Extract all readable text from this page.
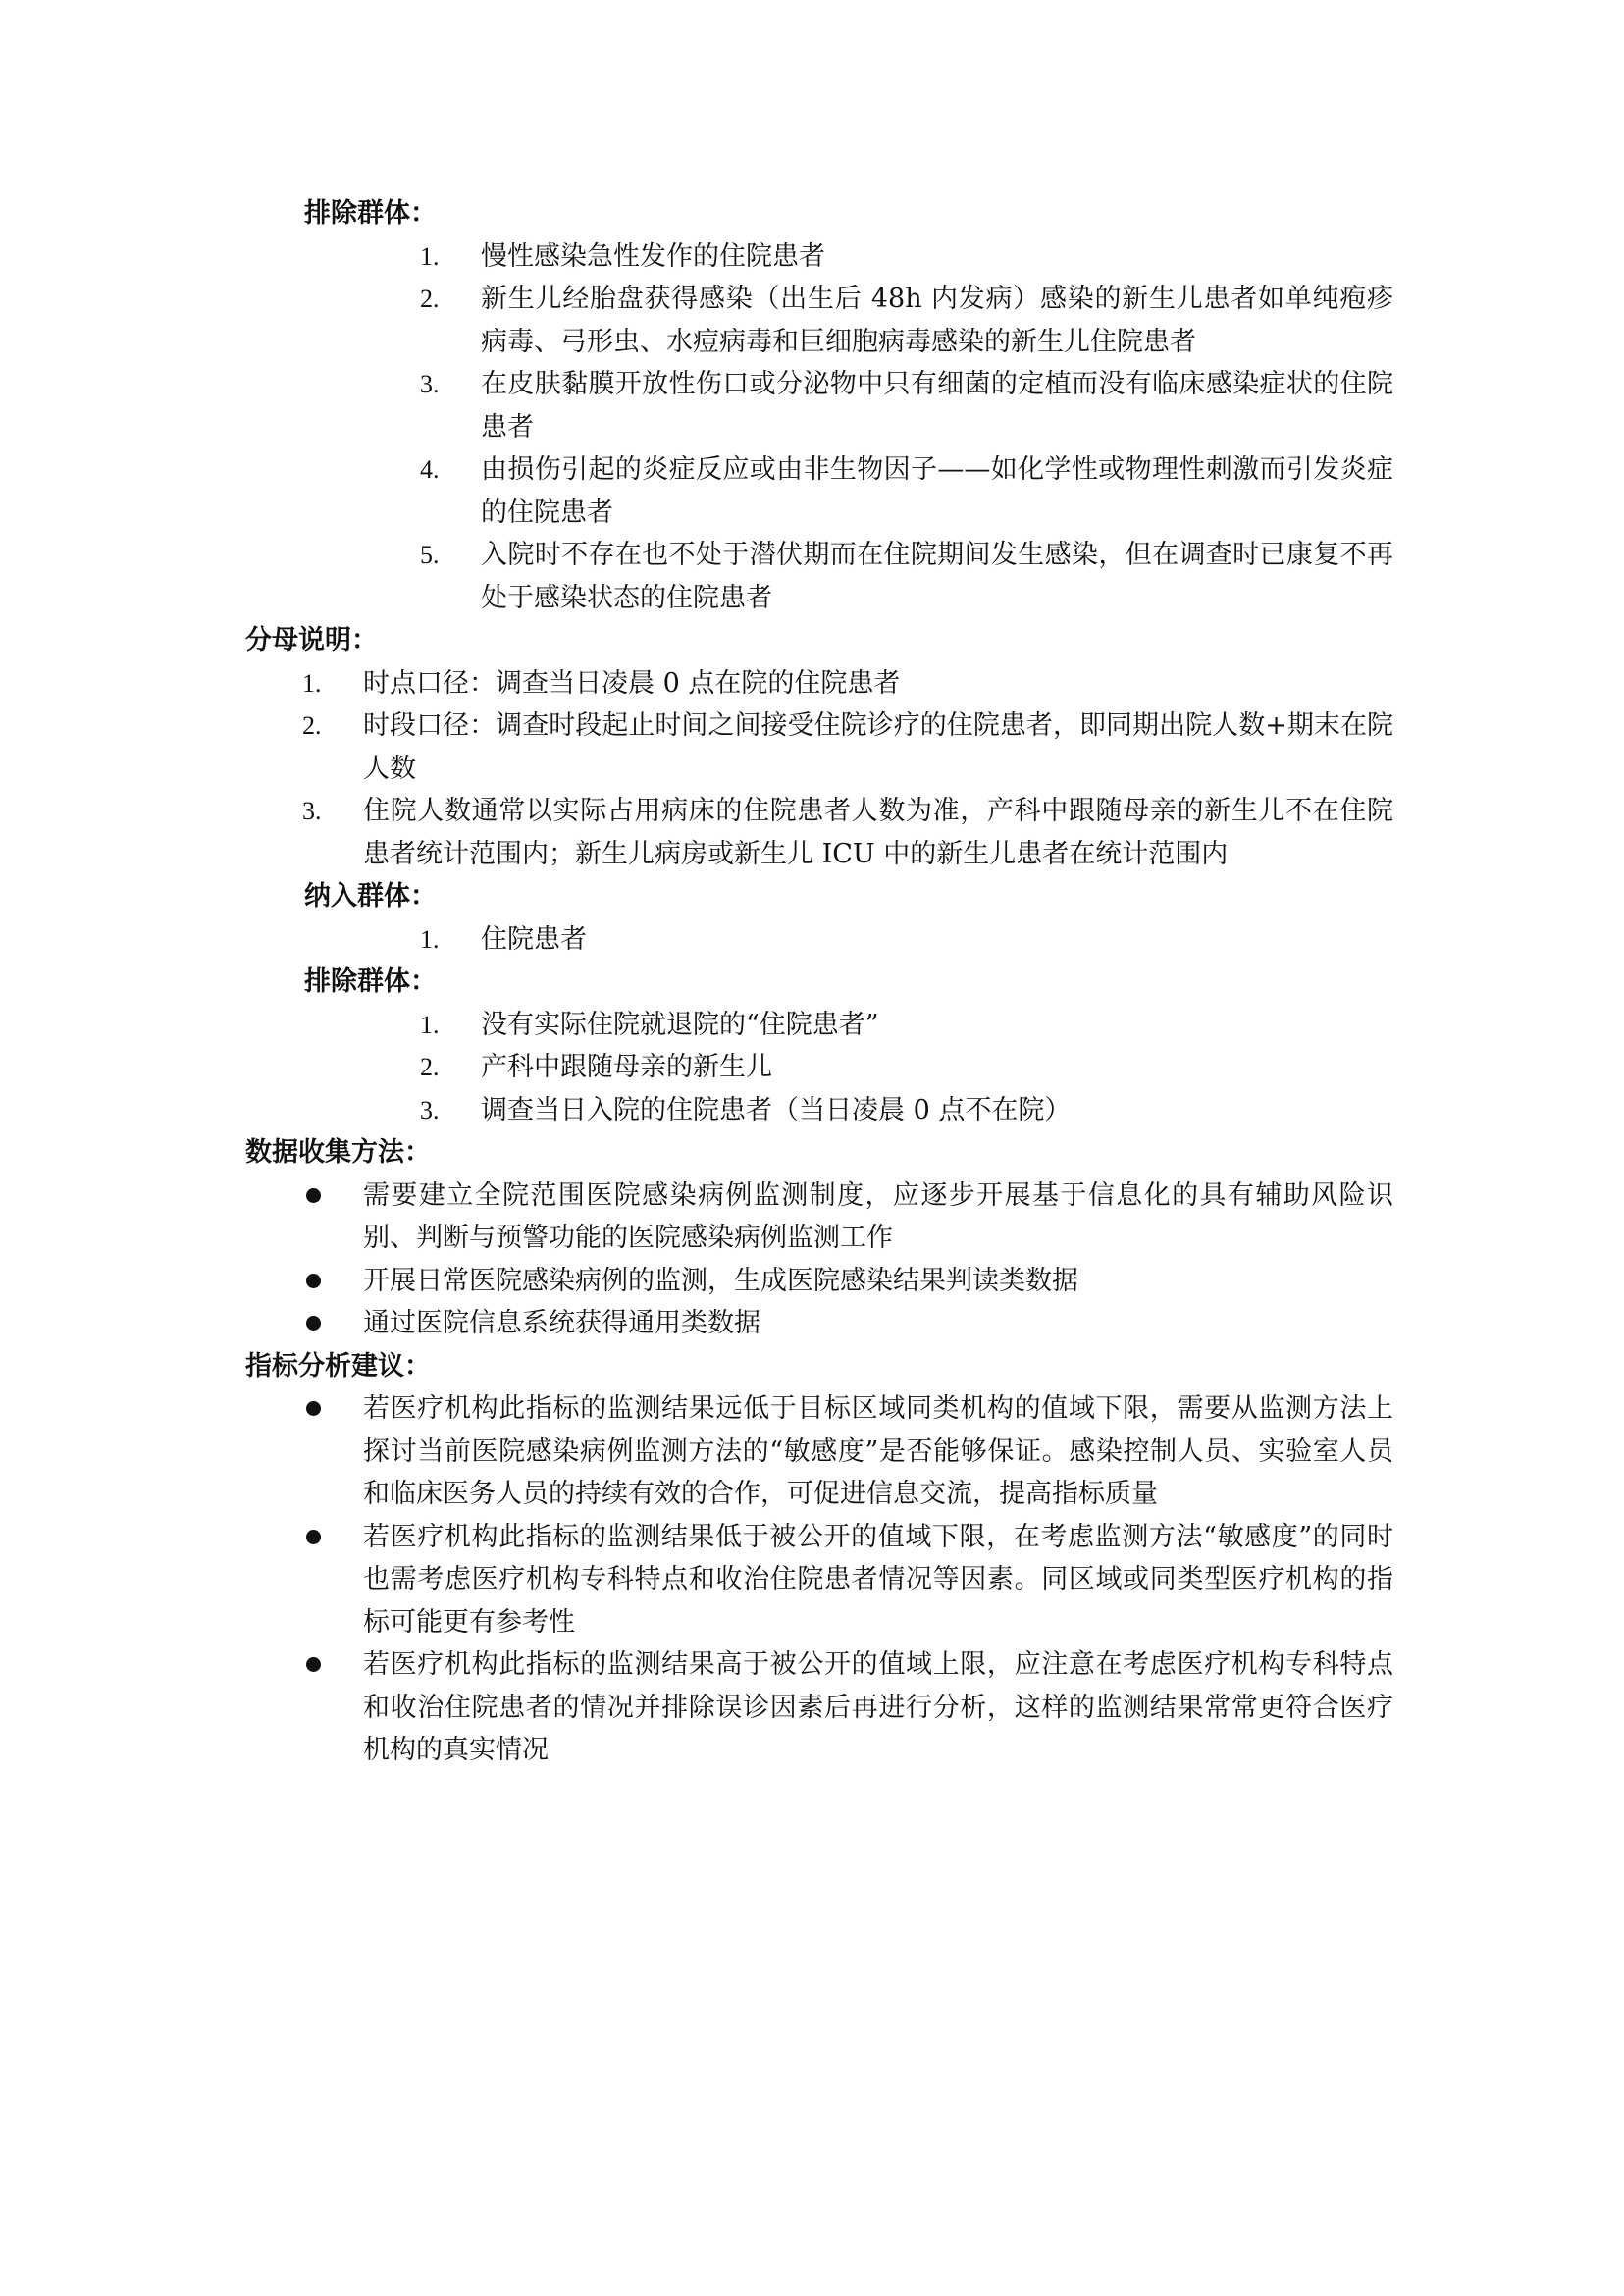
排除群体：
1. 慢性感染急性发作的住院患者
2. 新生儿经胎盘获得感染（出生后 48h 内发病）感染的新生儿患者如单纯疱疹病毒、弓形虫、水痘病毒和巨细胞病毒感染的新生儿住院患者
3. 在皮肤黏膜开放性伤口或分泌物中只有细菌的定植而没有临床感染症状的住院患者
4. 由损伤引起的炎症反应或由非生物因子——如化学性或物理性刺激而引发炎症的住院患者
5. 入院时不存在也不处于潜伏期而在住院期间发生感染，但在调查时已康复不再处于感染状态的住院患者
分母说明：
1. 时点口径：调查当日凌晨 0 点在院的住院患者
2. 时段口径：调查时段起止时间之间接受住院诊疗的住院患者，即同期出院人数+期末在院人数
3. 住院人数通常以实际占用病床的住院患者人数为准，产科中跟随母亲的新生儿不在住院患者统计范围内；新生儿病房或新生儿 ICU 中的新生儿患者在统计范围内
纳入群体：
1. 住院患者
排除群体：
1. 没有实际住院就退院的“住院患者”
2. 产科中跟随母亲的新生儿
3. 调查当日入院的住院患者（当日凌晨 0 点不在院）
数据收集方法：
需要建立全院范围医院感染病例监测制度，应逐步开展基于信息化的具有辅助风险识别、判断与预警功能的医院感染病例监测工作
开展日常医院感染病例的监测，生成医院感染结果判读类数据
通过医院信息系统获得通用类数据
指标分析建议：
若医疗机构此指标的监测结果远低于目标区域同类机构的值域下限，需要从监测方法上探讨当前医院感染病例监测方法的“敏感度”是否能够保证。感染控制人员、实验室人员和临床医务人员的持续有效的合作，可促进信息交流，提高指标质量
若医疗机构此指标的监测结果低于被公开的值域下限，在考虑监测方法“敏感度”的同时也需考虑医疗机构专科特点和收治住院患者情况等因素。同区域或同类型医疗机构的指标可能更有参考性
若医疗机构此指标的监测结果高于被公开的值域上限，应注意在考虑医疗机构专科特点和收治住院患者的情况并排除误诊因素后再进行分析，这样的监测结果常常更符合医疗机构的真实情况
